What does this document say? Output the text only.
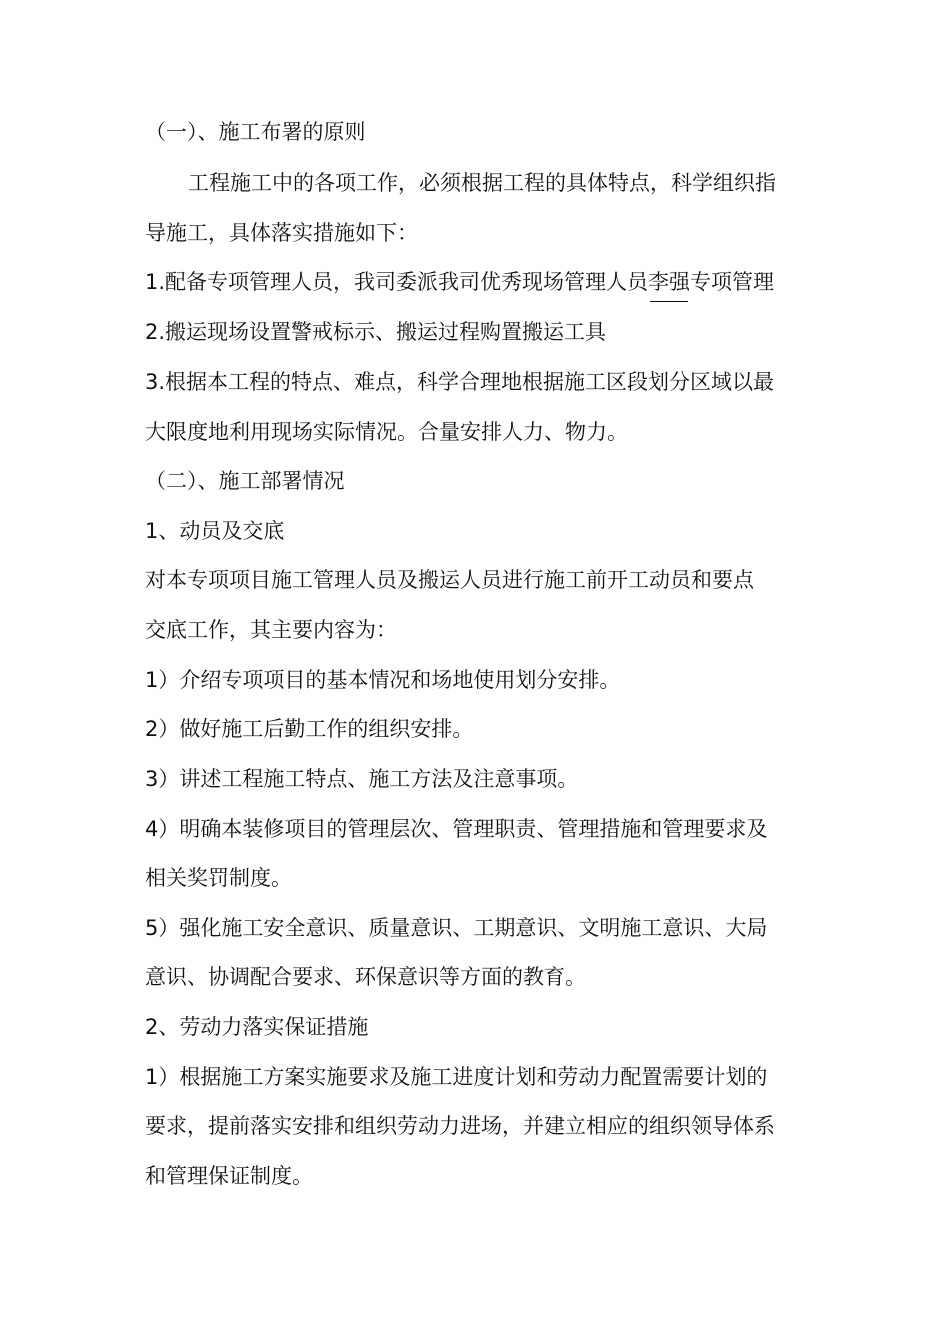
（一）、施工布署的原则
工程施工中的各项工作，必须根据工程的具体特点，科学组织指
导施工，具体落实措施如下：
1.配备专项管理人员，我司委派我司优秀现场管理人员李强专项管理
2.搬运现场设置警戒标示、搬运过程购置搬运工具
3.根据本工程的特点、难点，科学合理地根据施工区段划分区域以最
大限度地利用现场实际情况。合量安排人力、物力。
（二）、施工部署情况
1、动员及交底
对本专项项目施工管理人员及搬运人员进行施工前开工动员和要点
交底工作，其主要内容为：
1）介绍专项项目的基本情况和场地使用划分安排。
2）做好施工后勤工作的组织安排。
3）讲述工程施工特点、施工方法及注意事项。
4）明确本装修项目的管理层次、管理职责、管理措施和管理要求及
相关奖罚制度。
5）强化施工安全意识、质量意识、工期意识、文明施工意识、大局
意识、协调配合要求、环保意识等方面的教育。
2、劳动力落实保证措施
1）根据施工方案实施要求及施工进度计划和劳动力配置需要计划的
要求，提前落实安排和组织劳动力进场，并建立相应的组织领导体系
和管理保证制度。
